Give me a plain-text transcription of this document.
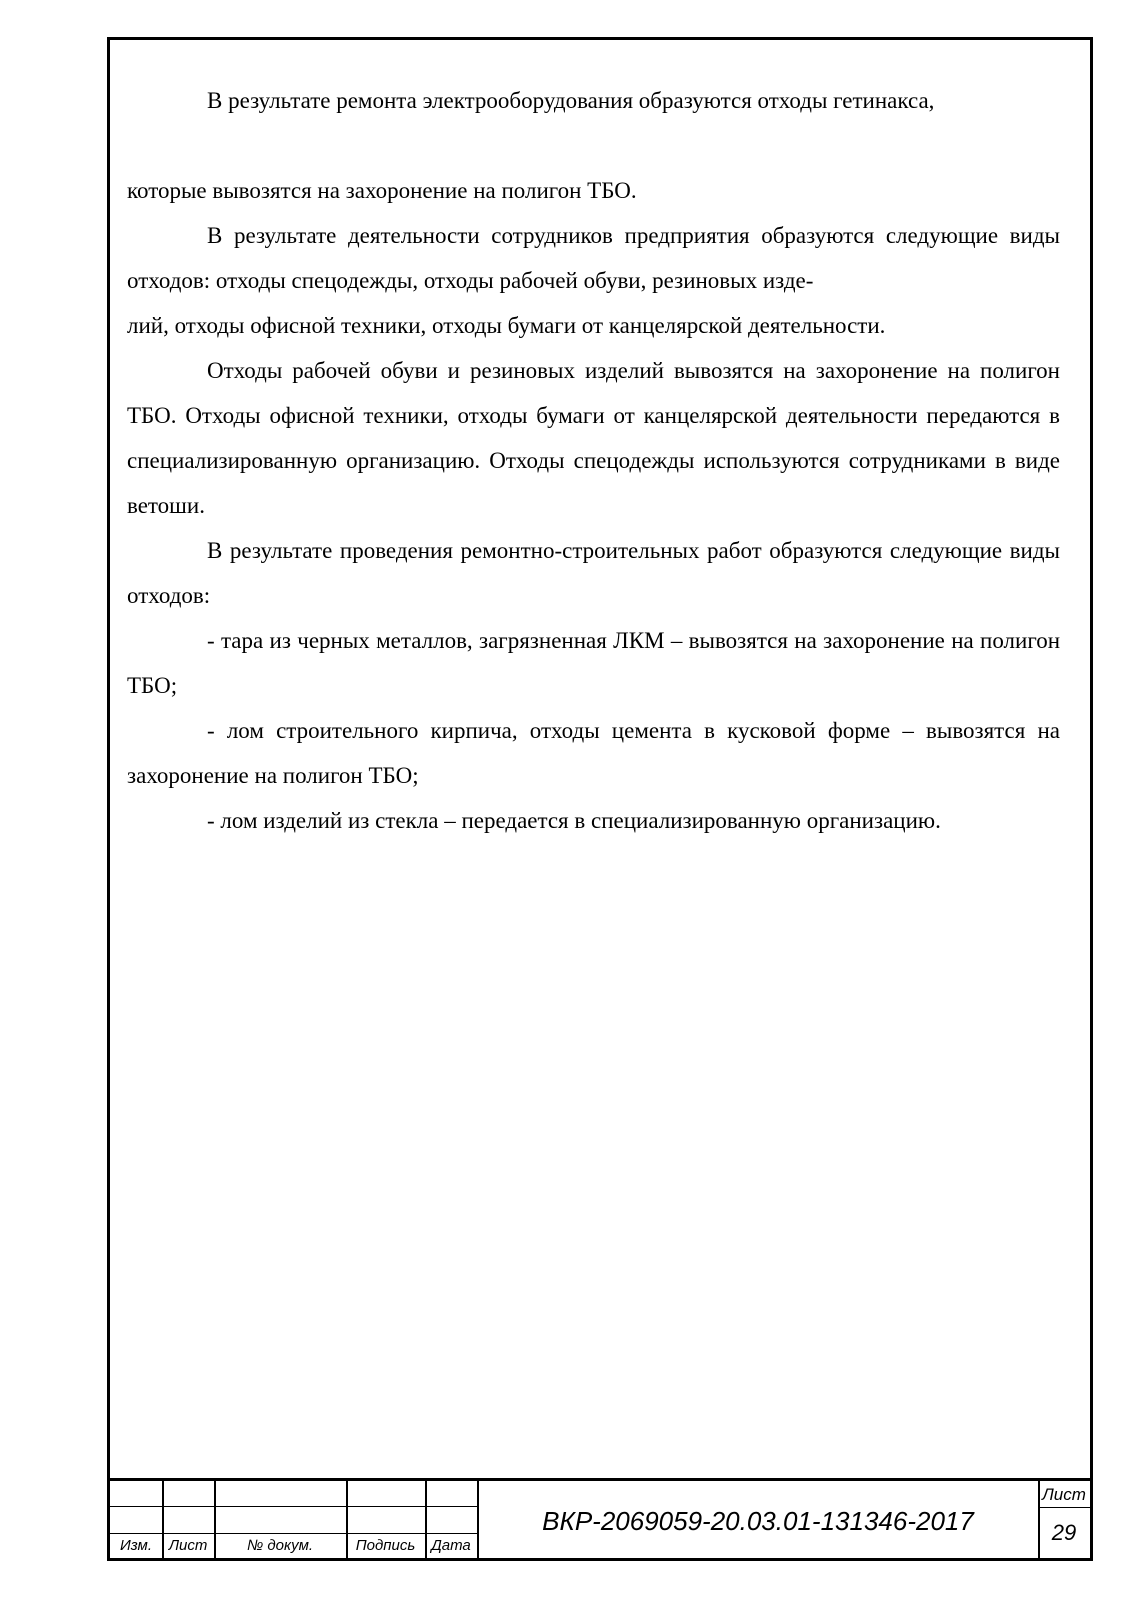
В результате ремонта электрооборудования образуются отходы гетинакса,

которые вывозятся на захоронение на полигон ТБО.

В результате деятельности сотрудников предприятия образуются следующие виды отходов: отходы спецодежды, отходы рабочей обуви, резиновых изде-

лий, отходы офисной техники, отходы бумаги от канцелярской деятельности.

Отходы рабочей обуви и резиновых изделий вывозятся на захоронение на полигон ТБО. Отходы офисной техники, отходы бумаги от канцелярской деятельности передаются в специализированную организацию. Отходы спецодежды используются сотрудниками в виде ветоши.

В результате проведения ремонтно-строительных работ образуются следующие виды отходов:

- тара из черных металлов, загрязненная ЛКМ – вывозятся на захоронение на полигон ТБО;

- лом строительного кирпича, отходы цемента в кусковой форме – вывозятся на захоронение на полигон ТБО;

- лом изделий из стекла – передается в специализированную организацию.

Изм.	Лист	№ докум.	Подпись	Дата
ВКР-2069059-20.03.01-131346-2017
Лист
29
